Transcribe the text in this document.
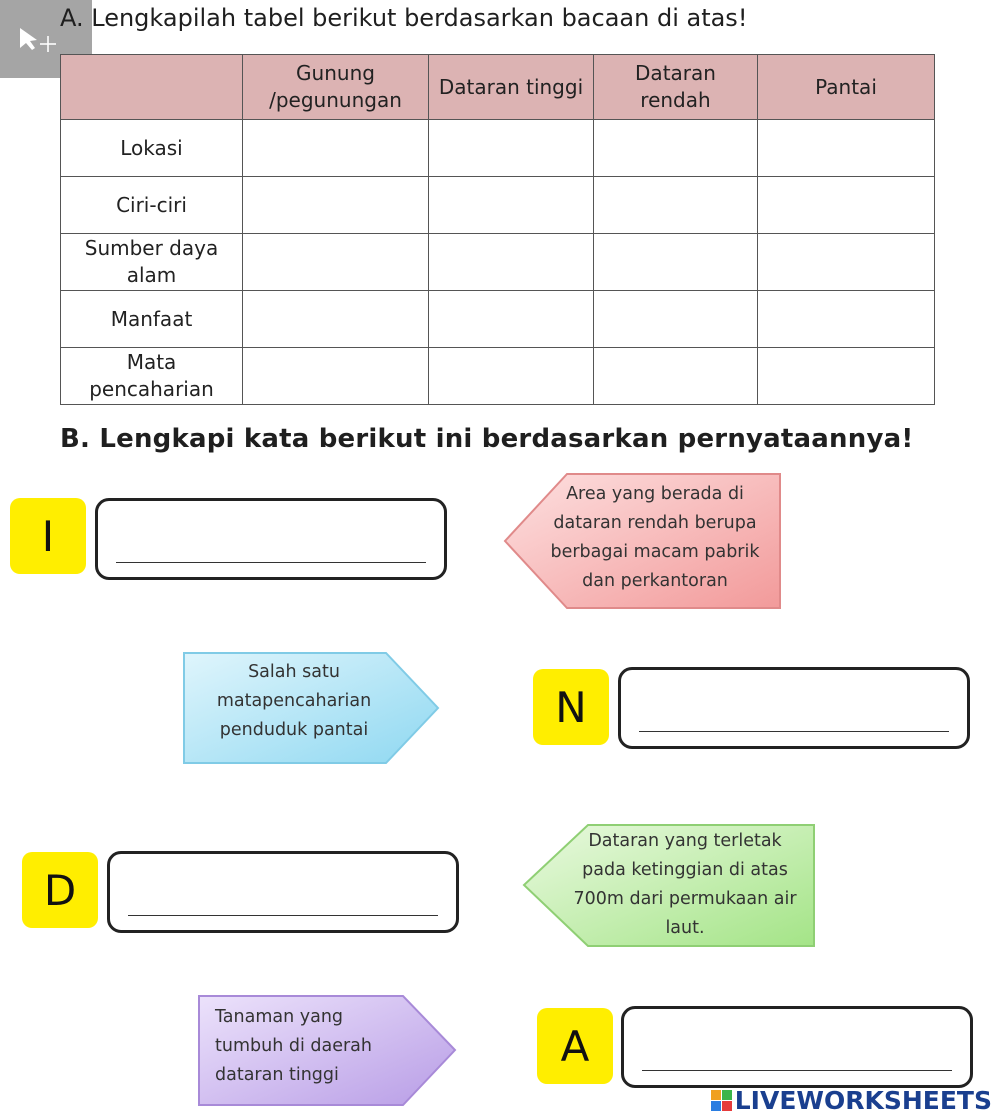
A. Lengkapilah tabel berikut berdasarkan bacaan di atas!
	Gunung /pegunungan	Dataran tinggi	Dataran rendah	Pantai
Lokasi				
Ciri-ciri				
Sumber daya alam				
Manfaat				
Mata pencaharian				
B. Lengkapi kata berikut ini berdasarkan pernyataannya!
I
Area yang berada di dataran rendah berupa berbagai macam pabrik dan perkantoran
Salah satu matapencaharian penduduk pantai	N
D
Dataran yang terletak pada ketinggian di atas 700m dari permukaan air laut.
Tanaman yang tumbuh di daerah dataran tinggi
A
LIVEWORKSHEETS
